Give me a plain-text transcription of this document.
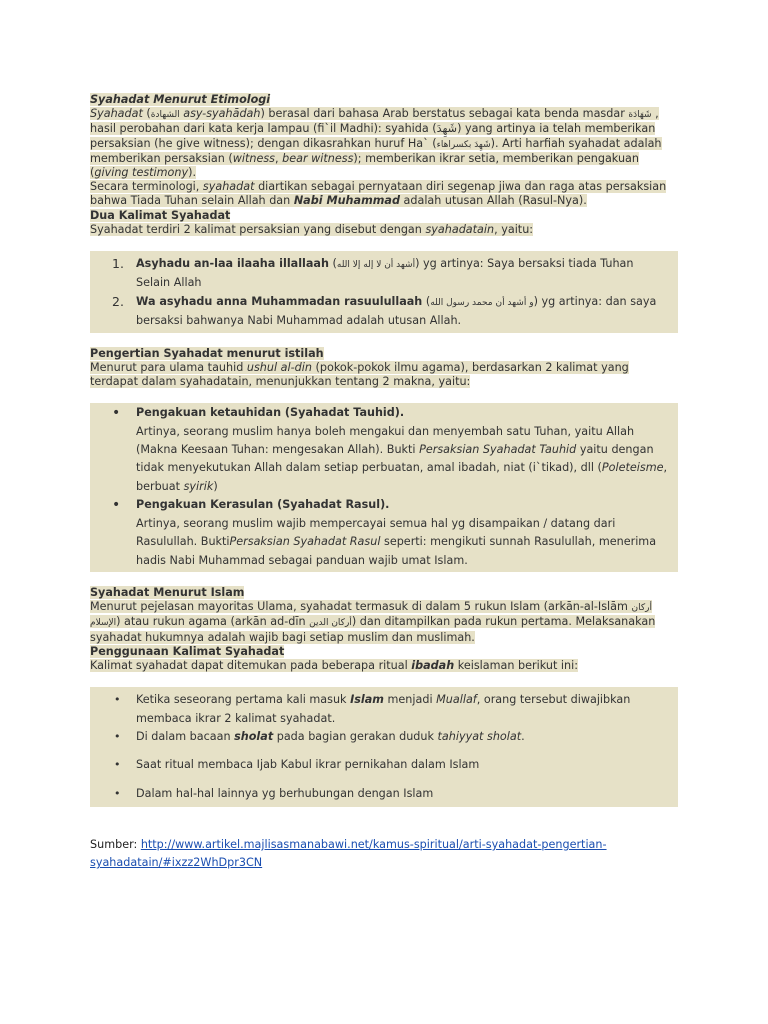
Syahadat Menurut Etimologi

Syahadat (الشهادة asy-syahādah) berasal dari bahasa Arab berstatus sebagai kata benda masdar شَهَادَة ,

hasil perobahan dari kata kerja lampau (fi`il Madhi): syahida (شَهِدَ) yang artinya ia telah memberikan

persaksian (he give witness); dengan dikasrahkan huruf Ha` (شَهِدَ بكسراهاء). Arti harfiah syahadat adalah

memberikan persaksian (witness, bear witness); memberikan ikrar setia, memberikan pengakuan

(giving testimony).

Secara terminologi, syahadat diartikan sebagai pernyataan diri segenap jiwa dan raga atas persaksian

bahwa Tiada Tuhan selain Allah dan Nabi Muhammad adalah utusan Allah (Rasul-Nya).

Dua Kalimat Syahadat

Syahadat terdiri 2 kalimat persaksian yang disebut dengan syahadatain, yaitu:

1. Asyhadu an-laa ilaaha illallaah (أشهد أن لا إله إلا الله) yg artinya: Saya bersaksi tiada Tuhan
Selain Allah
2. Wa asyhadu anna Muhammadan rasuulullaah (و أشهد أن محمد رسول الله) yg artinya: dan saya
bersaksi bahwanya Nabi Muhammad adalah utusan Allah.

Pengertian Syahadat menurut istilah

Menurut para ulama tauhid ushul al-din (pokok-pokok ilmu agama), berdasarkan 2 kalimat yang

terdapat dalam syahadatain, menunjukkan tentang 2 makna, yaitu:

• Pengakuan ketauhidan (Syahadat Tauhid).
Artinya, seorang muslim hanya boleh mengakui dan menyembah satu Tuhan, yaitu Allah
(Makna Keesaan Tuhan: mengesakan Allah). Bukti Persaksian Syahadat Tauhid yaitu dengan
tidak menyekutukan Allah dalam setiap perbuatan, amal ibadah, niat (i`tikad), dll (Poleteisme,
berbuat syirik)
• Pengakuan Kerasulan (Syahadat Rasul).
Artinya, seorang muslim wajib mempercayai semua hal yg disampaikan / datang dari
Rasulullah. BuktiPersaksian Syahadat Rasul seperti: mengikuti sunnah Rasulullah, menerima
hadis Nabi Muhammad sebagai panduan wajib umat Islam.

Syahadat Menurut Islam

Menurut pejelasan mayoritas Ulama, syahadat termasuk di dalam 5 rukun Islam (arkān-al-Islām أركان

الإسلام) atau rukun agama (arkān ad-dīn أركان الدين) dan ditampilkan pada rukun pertama. Melaksanakan

syahadat hukumnya adalah wajib bagi setiap muslim dan muslimah.

Penggunaan Kalimat Syahadat

Kalimat syahadat dapat ditemukan pada beberapa ritual ibadah keislaman berikut ini:

• Ketika seseorang pertama kali masuk Islam menjadi Muallaf, orang tersebut diwajibkan
membaca ikrar 2 kalimat syahadat.
• Di dalam bacaan sholat pada bagian gerakan duduk tahiyyat sholat.
• Saat ritual membaca Ijab Kabul ikrar pernikahan dalam Islam
• Dalam hal-hal lainnya yg berhubungan dengan Islam
Sumber: http://www.artikel.majlisasmanabawi.net/kamus-spiritual/arti-syahadat-pengertian-
syahadatain/#ixzz2WhDpr3CN
